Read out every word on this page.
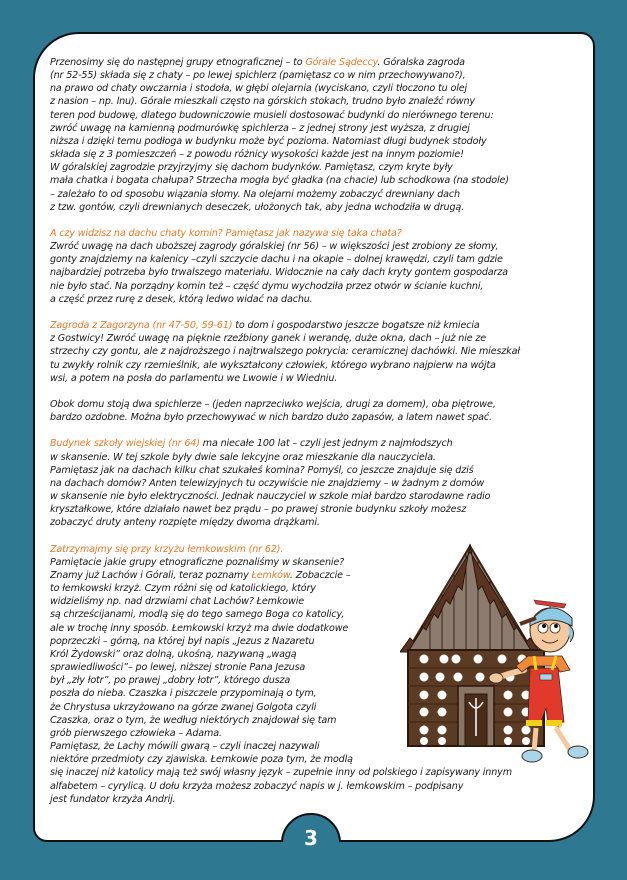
Przenosimy się do następnej grupy etnograficznej – to Górale Sądeccy. Góralska zagroda
(nr 52-55) składa się z chaty – po lewej spichlerz (pamiętasz co w nim przechowywano?),
na prawo od chaty owczarnia i stodoła, w głębi olejarnia (wyciskano, czyli tłoczono tu olej
z nasion – np. lnu). Górale mieszkali często na górskich stokach, trudno było znaleźć równy
teren pod budowę, dlatego budowniczowie musieli dostosować budynki do nierównego terenu:
zwróć uwagę na kamienną podmurówkę spichlerza – z jednej strony jest wyższa, z drugiej
niższa i dzięki temu podłoga w budynku może być pozioma. Natomiast długi budynek stodoły
składa się z 3 pomieszczeń – z powodu różnicy wysokości każde jest na innym poziomie!
W góralskiej zagrodzie przyjrzyjmy się dachom budynków. Pamiętasz, czym kryte były
mała chatka i bogata chałupa? Strzecha mogła być gładka (na chacie) lub schodkowa (na stodole)
– zależało to od sposobu wiązania słomy. Na olejarni możemy zobaczyć drewniany dach
z tzw. gontów, czyli drewnianych deseczek, ułożonych tak, aby jedna wchodziła w drugą.

A czy widzisz na dachu chaty komin? Pamiętasz jak nazywa się taka chata?
Zwróć uwagę na dach uboższej zagrody góralskiej (nr 56) – w większości jest zrobiony ze słomy,
gonty znajdziemy na kalenicy –czyli szczycie dachu i na okapie – dolnej krawędzi, czyli tam gdzie
najbardziej potrzeba było trwalszego materiału. Widocznie na cały dach kryty gontem gospodarza
nie było stać. Na porządny komin też – część dymu wychodziła przez otwór w ścianie kuchni,
a część przez rurę z desek, którą ledwo widać na dachu.

Zagroda z Zagorzyna (nr 47-50, 59-61) to dom i gospodarstwo jeszcze bogatsze niż kmiecia
z Gostwicy! Zwróć uwagę na pięknie rzeźbiony ganek i werandę, duże okna, dach – już nie ze
strzechy czy gontu, ale z najdroższego i najtrwalszego pokrycia: ceramicznej dachówki. Nie mieszkał
tu zwykły rolnik czy rzemieślnik, ale wykształcony człowiek, którego wybrano najpierw na wójta
wsi, a potem na posła do parlamentu we Lwowie i w Wiedniu.

Obok domu stoją dwa spichlerze – (jeden naprzeciwko wejścia, drugi za domem), oba piętrowe,
bardzo ozdobne. Można było przechowywać w nich bardzo dużo zapasów, a latem nawet spać.

Budynek szkoły wiejskiej (nr 64) ma niecałe 100 lat – czyli jest jednym z najmłodszych
w skansenie. W tej szkole były dwie sale lekcyjne oraz mieszkanie dla nauczyciela.
Pamiętasz jak na dachach kilku chat szukałeś komina? Pomyśl, co jeszcze znajduje się dziś
na dachach domów? Anten telewizyjnych tu oczywiście nie znajdziemy – w żadnym z domów
w skansenie nie było elektryczności. Jednak nauczyciel w szkole miał bardzo starodawne radio
kryształkowe, które działało nawet bez prądu – po prawej stronie budynku szkoły możesz
zobaczyć druty anteny rozpięte między dwoma drążkami.

Zatrzymajmy się przy krzyżu łemkowskim (nr 62).
Pamiętacie jakie grupy etnograficzne poznaliśmy w skansenie?
Znamy już Lachów i Górali, teraz poznamy Łemków. Zobaczcie –
to łemkowski krzyż. Czym różni się od katolickiego, który
widzieliśmy np. nad drzwiami chat Lachów? Łemkowie
są chrześcijanami, modlą się do tego samego Boga co katolicy,
ale w trochę inny sposób. Łemkowski krzyż ma dwie dodatkowe
poprzeczki – górną, na której był napis „Jezus z Nazaretu
Król Żydowski” oraz dolną, ukośną, nazywaną „wagą
sprawiedliwości”– po lewej, niższej stronie Pana Jezusa
był „zły łotr”, po prawej „dobry łotr”, którego dusza
poszła do nieba. Czaszka i piszczele przypominają o tym,
że Chrystusa ukrzyżowano na górze zwanej Golgota czyli
Czaszka, oraz o tym, że według niektórych znajdował się tam
grób pierwszego człowieka – Adama.
Pamiętasz, że Lachy mówili gwarą – czyli inaczej nazywali
niektóre przedmioty czy zjawiska. Łemkowie poza tym, że modlą

się inaczej niż katolicy mają też swój własny język – zupełnie inny od polskiego i zapisywany innym
alfabetem – cyrylicą. U dołu krzyża możesz zobaczyć napis w j. łemkowskim – podpisany
jest fundator krzyża Andrij.

3
